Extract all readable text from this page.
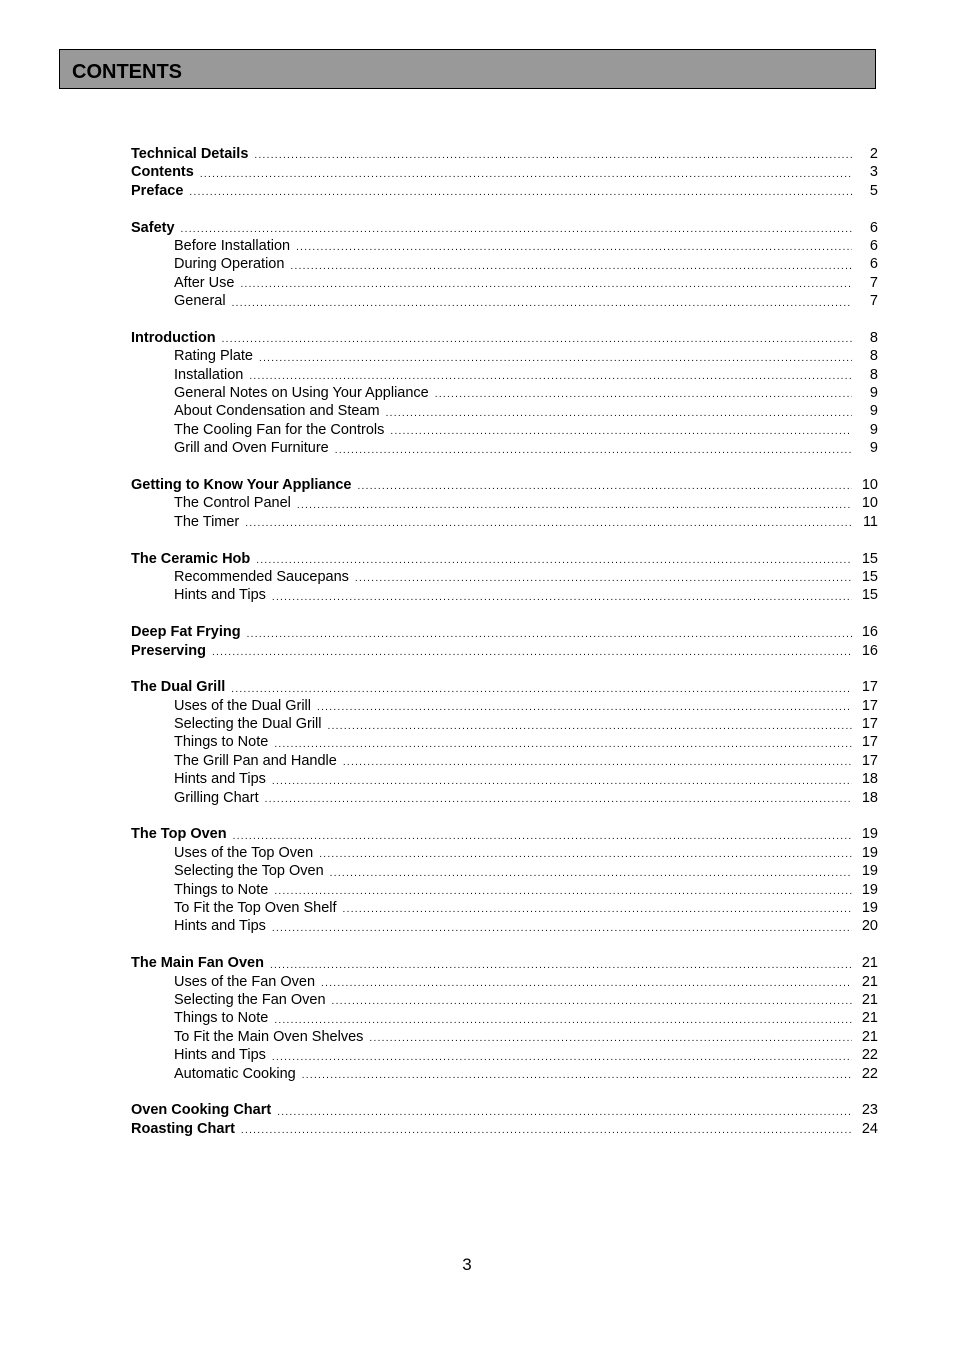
CONTENTS
Technical Details .....	2
Contents .....	3
Preface .....	5
Safety .....	6
Before Installation .....	6
During Operation .....	6
After Use .....	7
General .....	7
Introduction .....	8
Rating Plate .....	8
Installation .....	8
General Notes on Using Your Appliance .....	9
About Condensation and Steam .....	9
The Cooling Fan for the Controls .....	9
Grill and Oven Furniture .....	9
Getting to Know Your Appliance .....	10
The Control Panel .....	10
The Timer .....	11
The Ceramic Hob .....	15
Recommended Saucepans .....	15
Hints and Tips .....	15
Deep Fat Frying .....	16
Preserving .....	16
The Dual Grill .....	17
Uses of the Dual Grill .....	17
Selecting the Dual Grill .....	17
Things to Note .....	17
The Grill Pan and Handle .....	17
Hints and Tips .....	18
Grilling Chart .....	18
The Top Oven .....	19
Uses of the Top Oven .....	19
Selecting the Top Oven .....	19
Things to Note .....	19
To Fit the Top Oven Shelf .....	19
Hints and Tips .....	20
The Main Fan Oven .....	21
Uses of the Fan Oven .....	21
Selecting the Fan Oven .....	21
Things to Note .....	21
To Fit the Main Oven Shelves .....	21
Hints and Tips .....	22
Automatic Cooking .....	22
Oven Cooking Chart .....	23
Roasting Chart .....	24
3
